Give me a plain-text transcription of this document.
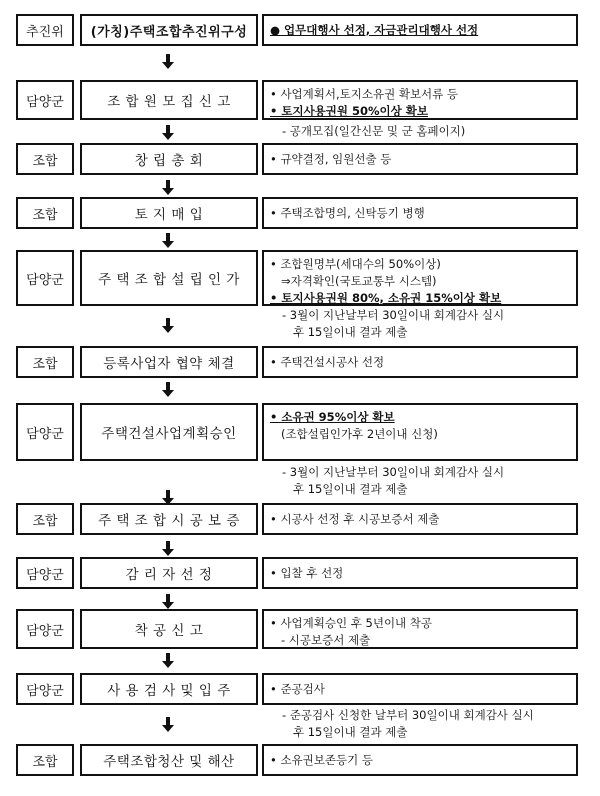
추진위	(가칭)주택조합추진위구성	● 업무대행사 선정, 자금관리대행사 선정
담양군	조 합 원 모 집 신 고	• 사업계획서,토지소유권 확보서류 등
• 토지사용권원 50%이상 확보
- 공개모집(일간신문 및 군 홈페이지)
조합	창 립 총 회	• 규약결정, 임원선출 등
조합	토 지 매 입	• 주택조합명의, 신탁등기 병행
담양군	주 택 조 합 설 립 인 가
• 조합원명부(세대수의 50%이상)
⇒자격확인(국토교통부 시스템)
• 토지사용권원 80%, 소유권 15%이상 확보
- 3월이 지난날부터 30일이내 회계감사 실시
후 15일이내 결과 제출
조합	등록사업자 협약 체결	• 주택건설시공사 선정
담양군	주택건설사업계획승인
• 소유권 95%이상 확보
(조합설립인가후 2년이내 신청)
- 3월이 지난날부터 30일이내 회계감사 실시
후 15일이내 결과 제출
조합	주 택 조 합 시 공 보 증	• 시공사 선정 후 시공보증서 제출
담양군	감 리 자 선 정	• 입찰 후 선정
담양군	착 공 신 고	• 사업계획승인 후 5년이내 착공
- 시공보증서 제출
담양군	사 용 검 사 및 입 주	• 준공검사
- 준공검사 신청한 날부터 30일이내 회계감사 실시
후 15일이내 결과 제출
조합	주택조합청산 및 해산	• 소유권보존등기 등
